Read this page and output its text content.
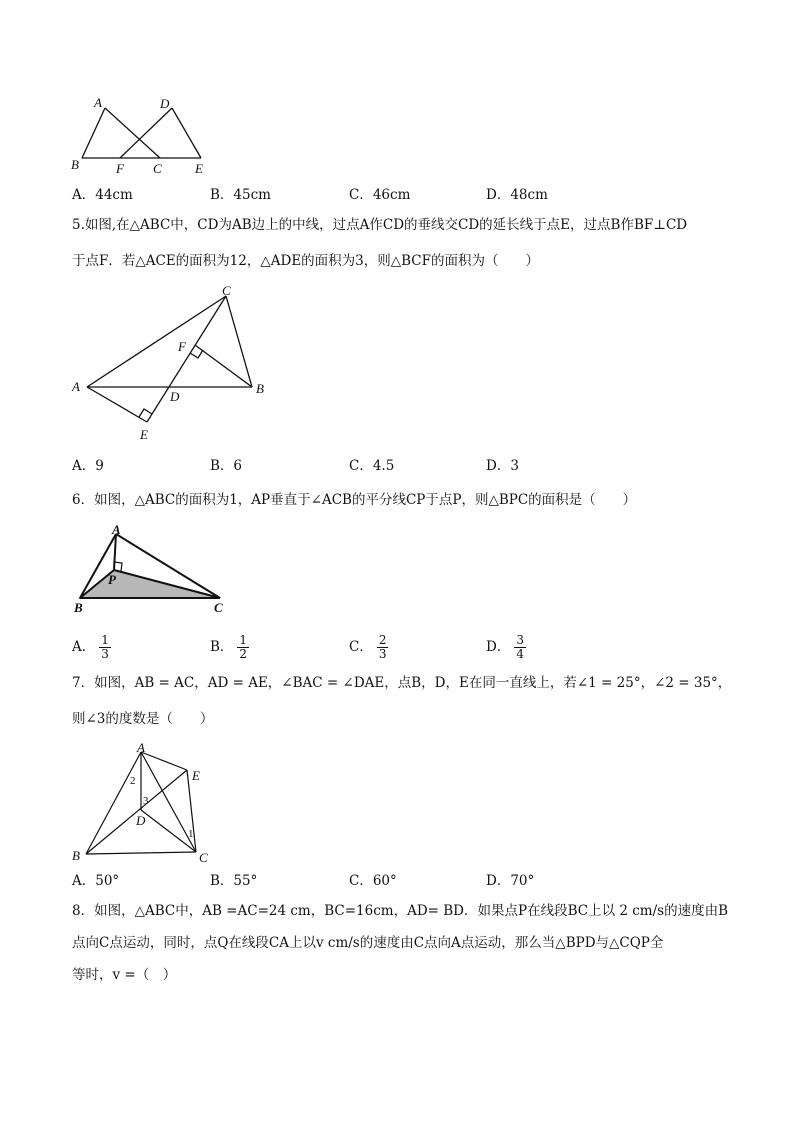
A
B	F C
D
E
A．44cm	B．45cm	C．46cm	D．48cm

5.如图,在△ABC中，CD为AB边上的中线，过点A作CD的垂线交CD的延长线于点E，过点B作BF⊥CD

于点F．若△ACE的面积为12，△ADE的面积为3，则△BCF的面积为（　　）

A	B
C
D
E
F
A．9	B．6	C．4.5	D．3

6．如图，△ABC的面积为1，AP垂直于∠ACB的平分线CP于点P，则△BPC的面积是（　　）

A
B	C
P
A． $\frac{1}{3}$	B． $\frac{1}{2}$	C． $\frac{2}{3}$	D． $\frac{3}{4}$

7．如图，AB = AC，AD = AE，∠BAC = ∠DAE，点B，D，E在同一直线上，若∠1 = 25°，∠2 = 35°，

则∠3的度数是（　　）

A
B	C
D
E
1
2
3
A．50°	B．55°	C．60°	D．70°

8．如图，△ABC中，AB =AC=24 cm，BC=16cm，AD= BD．如果点P在线段BC上以 2 cm/s的速度由B

点向C点运动，同时，点Q在线段CA上以v cm/s的速度由C点向A点运动，那么当△BPD与△CQP全

等时，v =（　）
